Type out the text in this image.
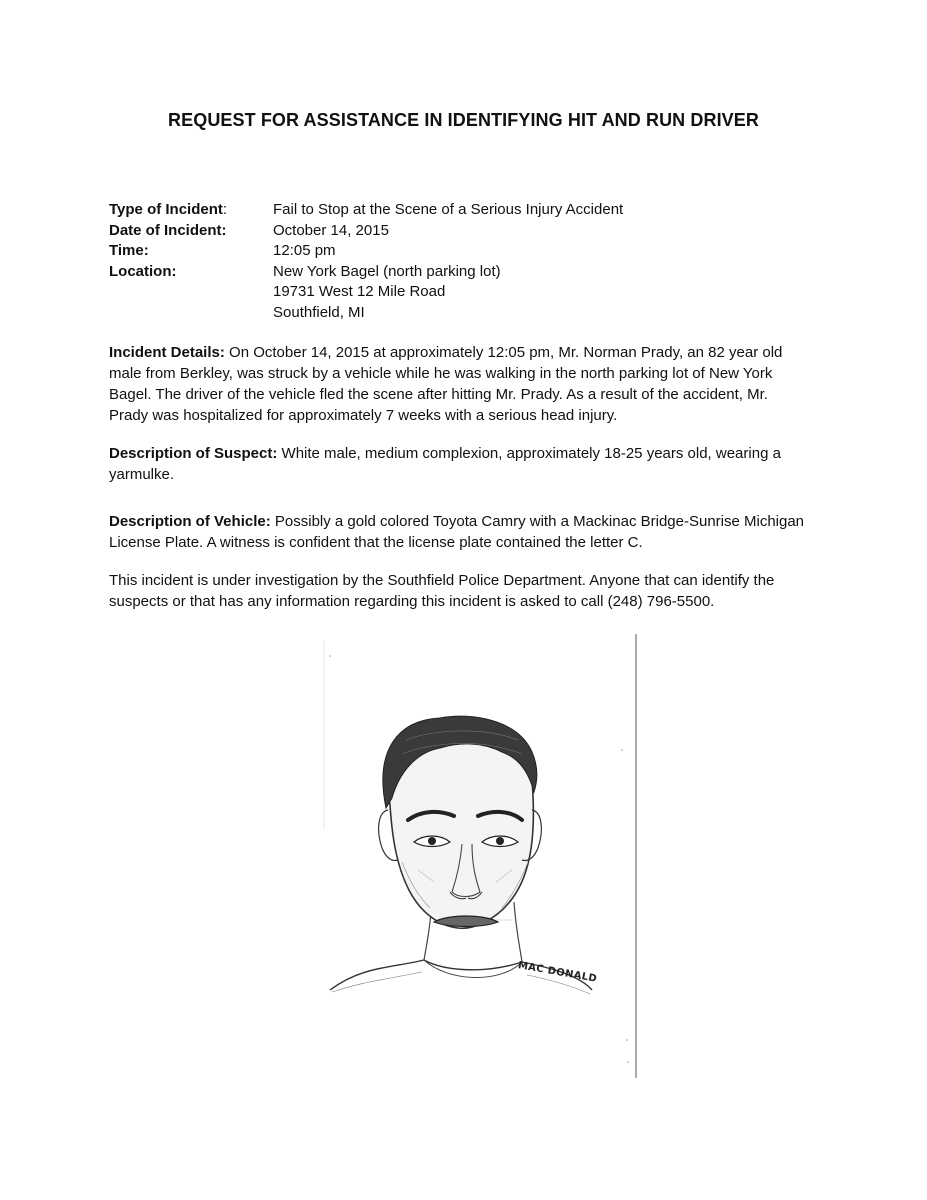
REQUEST FOR ASSISTANCE IN IDENTIFYING HIT AND RUN DRIVER
Type of Incident:	Fail to Stop at the Scene of a Serious Injury Accident
Date of Incident:	October 14, 2015
Time:	12:05 pm
Location:	New York Bagel (north parking lot)
19731 West 12 Mile Road
Southfield, MI

Incident Details: On October 14, 2015 at approximately 12:05 pm, Mr. Norman Prady, an 82 year old male from Berkley, was struck by a vehicle while he was walking in the north parking lot of New York Bagel. The driver of the vehicle fled the scene after hitting Mr. Prady. As a result of the accident, Mr. Prady was hospitalized for approximately 7 weeks with a serious head injury.

Description of Suspect: White male, medium complexion, approximately 18-25 years old, wearing a yarmulke.

Description of Vehicle: Possibly a gold colored Toyota Camry with a Mackinac Bridge-Sunrise Michigan License Plate. A witness is confident that the license plate contained the letter C.

This incident is under investigation by the Southfield Police Department. Anyone that can identify the suspects or that has any information regarding this incident is asked to call (248) 796-5500.

MAC DONALD
